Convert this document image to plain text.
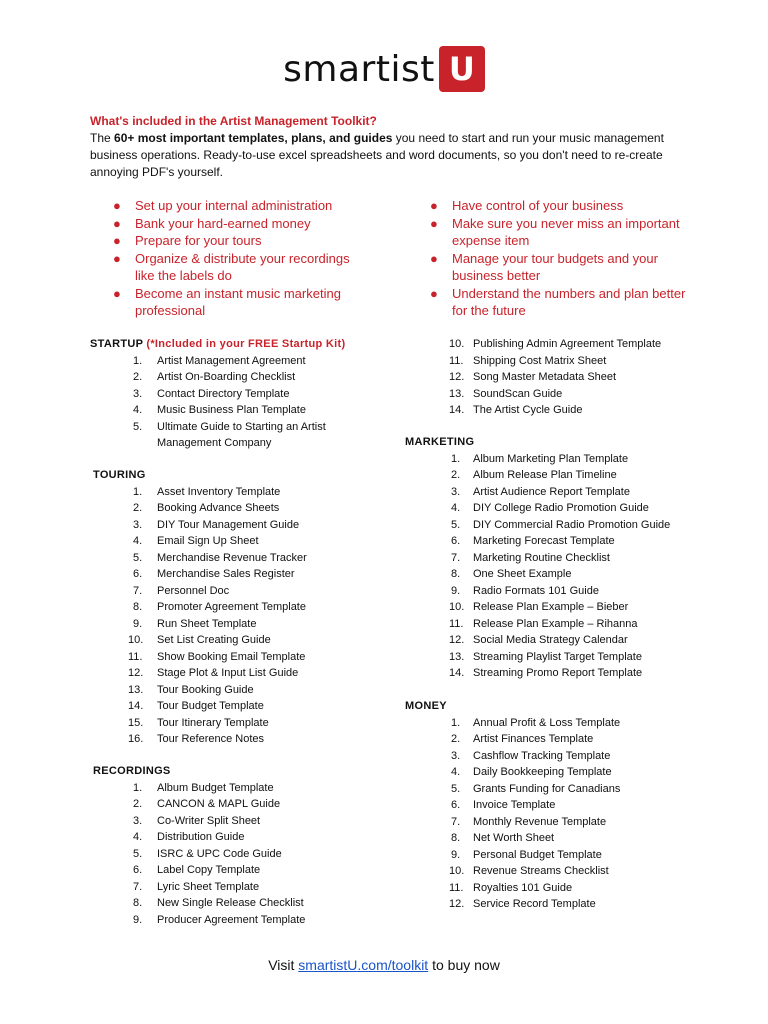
smartist U
What's included in the Artist Management Toolkit?

The 60+ most important templates, plans, and guides you need to start and run your music management business operations. Ready-to-use excel spreadsheets and word documents, so you don't need to re-create annoying PDF's yourself.

● Set up your internal administration
● Bank your hard-earned money
● Prepare for your tours
● Organize & distribute your recordings like the labels do
● Become an instant music marketing professional
● Have control of your business
● Make sure you never miss an important expense item
● Manage your tour budgets and your business better
● Understand the numbers and plan better for the future
STARTUP (*Included in your FREE Startup Kit)
1. Artist Management Agreement
2. Artist On-Boarding Checklist
3. Contact Directory Template
4. Music Business Plan Template
5. Ultimate Guide to Starting an Artist Management Company
TOURING
1. Asset Inventory Template
2. Booking Advance Sheets
3. DIY Tour Management Guide
4. Email Sign Up Sheet
5. Merchandise Revenue Tracker
6. Merchandise Sales Register
7. Personnel Doc
8. Promoter Agreement Template
9. Run Sheet Template
10. Set List Creating Guide
11. Show Booking Email Template
12. Stage Plot & Input List Guide
13. Tour Booking Guide
14. Tour Budget Template
15. Tour Itinerary Template
16. Tour Reference Notes
RECORDINGS
1. Album Budget Template
2. CANCON & MAPL Guide
3. Co-Writer Split Sheet
4. Distribution Guide
5. ISRC & UPC Code Guide
6. Label Copy Template
7. Lyric Sheet Template
8. New Single Release Checklist
9. Producer Agreement Template
10. Publishing Admin Agreement Template
11. Shipping Cost Matrix Sheet
12. Song Master Metadata Sheet
13. SoundScan Guide
14. The Artist Cycle Guide
MARKETING
1. Album Marketing Plan Template
2. Album Release Plan Timeline
3. Artist Audience Report Template
4. DIY College Radio Promotion Guide
5. DIY Commercial Radio Promotion Guide
6. Marketing Forecast Template
7. Marketing Routine Checklist
8. One Sheet Example
9. Radio Formats 101 Guide
10. Release Plan Example – Bieber
11. Release Plan Example – Rihanna
12. Social Media Strategy Calendar
13. Streaming Playlist Target Template
14. Streaming Promo Report Template
MONEY
1. Annual Profit & Loss Template
2. Artist Finances Template
3. Cashflow Tracking Template
4. Daily Bookkeeping Template
5. Grants Funding for Canadians
6. Invoice Template
7. Monthly Revenue Template
8. Net Worth Sheet
9. Personal Budget Template
10. Revenue Streams Checklist
11. Royalties 101 Guide
12. Service Record Template
Visit smartistU.com/toolkit to buy now
